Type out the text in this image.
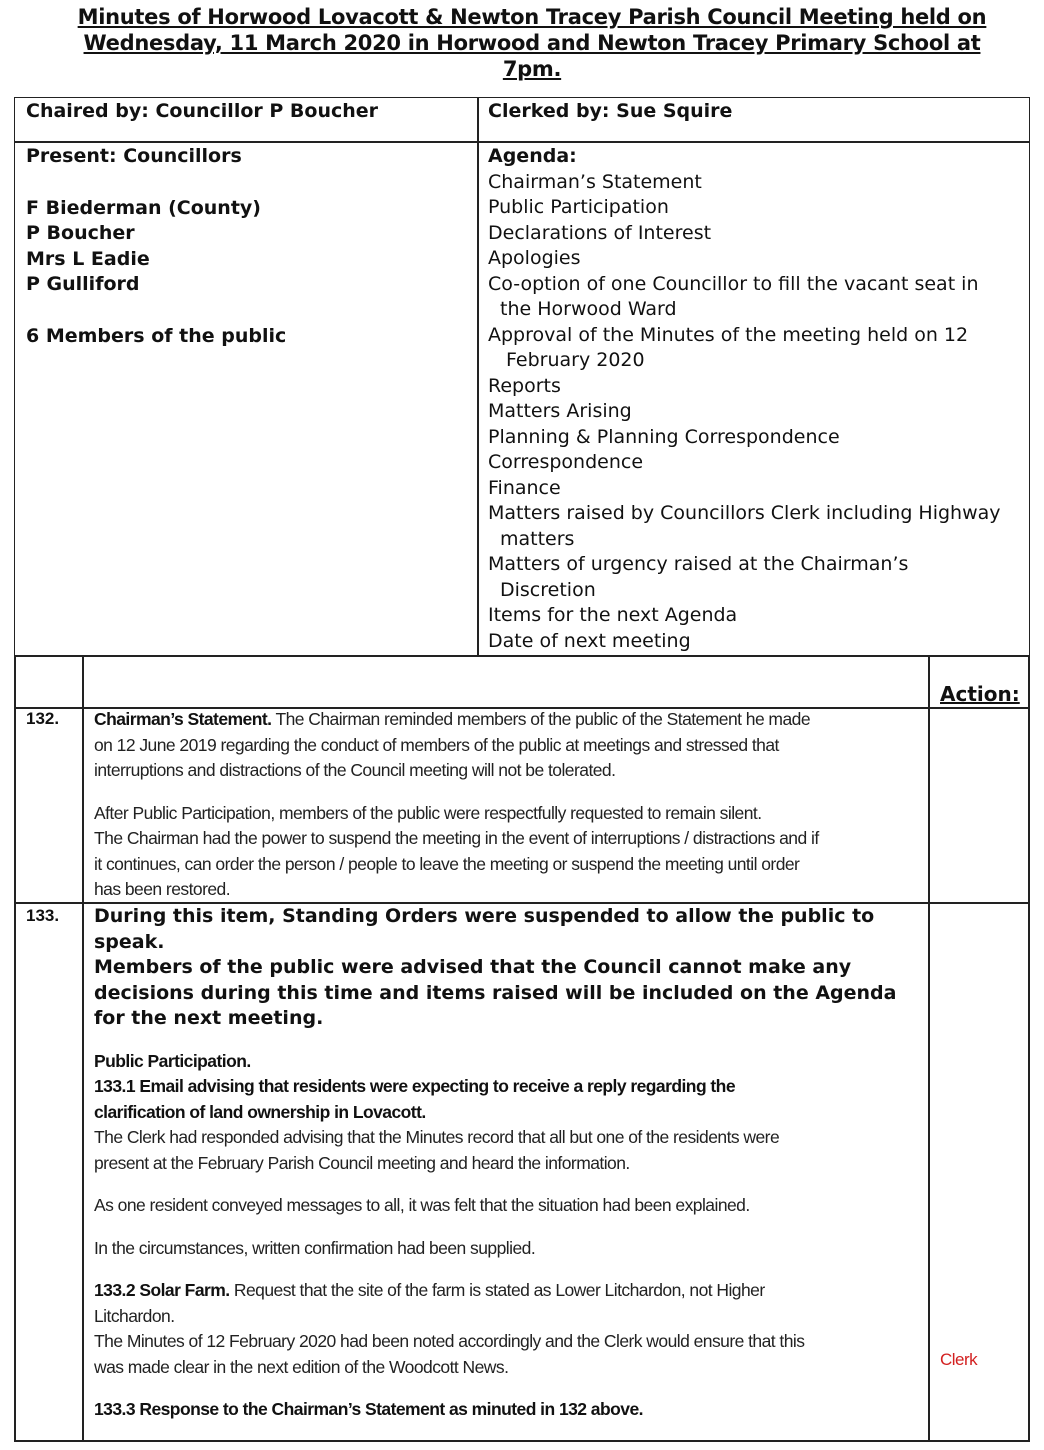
Minutes of Horwood Lovacott & Newton Tracey Parish Council Meeting held on
Wednesday, 11 March 2020 in Horwood and Newton Tracey Primary School at
7pm.
Chaired by: Councillor P Boucher	Clerked by: Sue Squire
Present: Councillors
F Biederman (County)
P Boucher
Mrs L Eadie
P Gulliford
6 Members of the public
Agenda:
Chairman’s Statement
Public Participation
Declarations of Interest
Apologies
Co-option of one Councillor to fill the vacant seat in
the Horwood Ward
Approval of the Minutes of the meeting held on 12
February 2020
Reports
Matters Arising
Planning & Planning Correspondence
Correspondence
Finance
Matters raised by Councillors Clerk including Highway
matters
Matters of urgency raised at the Chairman’s
Discretion
Items for the next Agenda
Date of next meeting
Action:
132. Chairman’s Statement. The Chairman reminded members of the public of the Statement he made

on 12 June 2019 regarding the conduct of members of the public at meetings and stressed that

interruptions and distractions of the Council meeting will not be tolerated.

After Public Participation, members of the public were respectfully requested to remain silent.

The Chairman had the power to suspend the meeting in the event of interruptions / distractions and if

it continues, can order the person / people to leave the meeting or suspend the meeting until order

has been restored.

133. During this item, Standing Orders were suspended to allow the public to

speak.

Members of the public were advised that the Council cannot make any

decisions during this time and items raised will be included on the Agenda

for the next meeting.

Public Participation.

133.1 Email advising that residents were expecting to receive a reply regarding the

clarification of land ownership in Lovacott.

The Clerk had responded advising that the Minutes record that all but one of the residents were

present at the February Parish Council meeting and heard the information.

As one resident conveyed messages to all, it was felt that the situation had been explained.

In the circumstances, written confirmation had been supplied.

133.2 Solar Farm. Request that the site of the farm is stated as Lower Litchardon, not Higher

Litchardon.

The Minutes of 12 February 2020 had been noted accordingly and the Clerk would ensure that this

was made clear in the next edition of the Woodcott News.

133.3 Response to the Chairman’s Statement as minuted in 132 above.

Clerk
